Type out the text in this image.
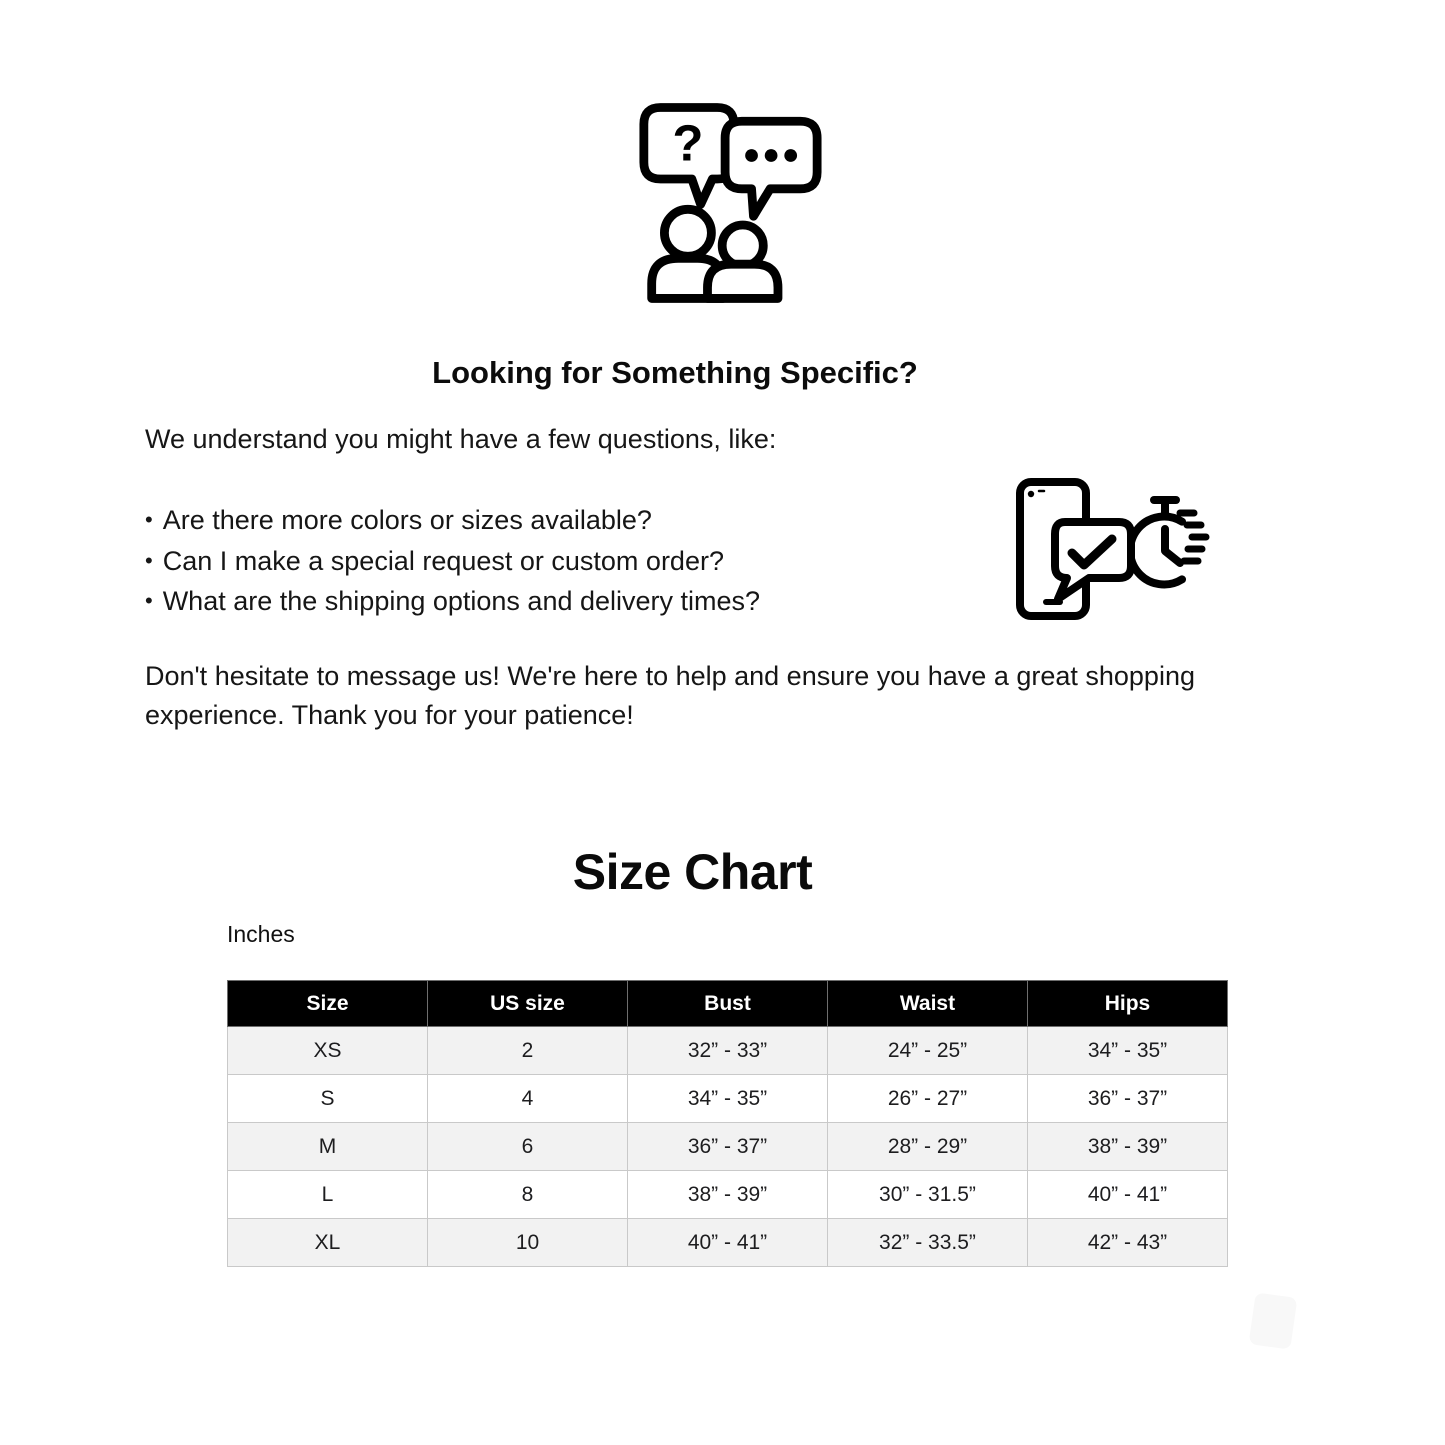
?
Looking for Something Specific?

We understand you might have a few questions, like:

• Are there more colors or sizes available?
• Can I make a special request or custom order?
• What are the shipping options and delivery times?

Don't hesitate to message us! We're here to help and ensure you have a great shopping experience. Thank you for your patience!

Size Chart
Inches
Size	US size	Bust	Waist	Hips
XS	2	32” - 33”	24” - 25”	34” - 35”
S	4	34” - 35”	26” - 27”	36” - 37”
M	6	36” - 37”	28” - 29”	38” - 39”
L	8	38” - 39”	30” - 31.5”	40” - 41”
XL	10	40” - 41”	32” - 33.5”	42” - 43”
